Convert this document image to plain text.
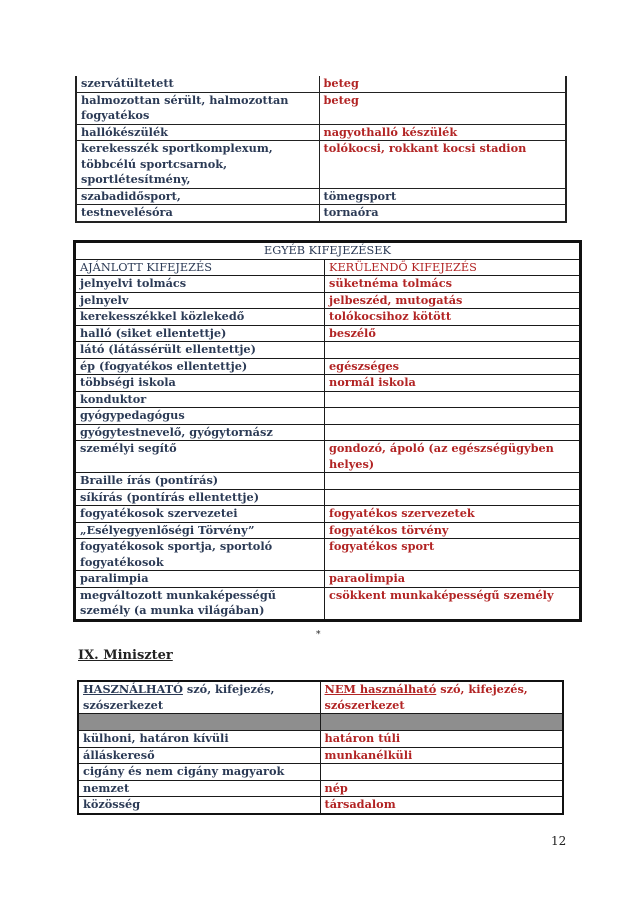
szervátültetett	beteg
halmozottan sérült, halmozottan fogyatékos	beteg
hallókészülék	nagyothalló készülék
kerekesszék sportkomplexum, többcélú sportcsarnok, sportlétesítmény,	tolókocsi, rokkant kocsi stadion
szabadidősport,	tömegsport
testnevelésóra	tornaóra
EGYÉB KIFEJEZÉSEK	
AJÁNLOTT KIFEJEZÉS	KERÜLENDŐ KIFEJEZÉS
jelnyelvi tolmács	süketnéma tolmács
jelnyelv	jelbeszéd, mutogatás
kerekesszékkel közlekedő	tolókocsihoz kötött
halló (siket ellentettje)	beszélő
látó (látássérült ellentettje)	
ép (fogyatékos ellentettje)	egészséges
többségi iskola	normál iskola
konduktor	
gyógypedagógus	
gyógytestnevelő, gyógytornász	
személyi segítő	gondozó, ápoló (az egészségügyben helyes)
Braille írás (pontírás)	
síkírás (pontírás ellentettje)	
fogyatékosok szervezetei	fogyatékos szervezetek
„Esélyegyenlőségi Törvény”	fogyatékos törvény
fogyatékosok sportja, sportoló fogyatékosok	fogyatékos sport
paralimpia	paraolimpia
megváltozott munkaképességű személy (a munka világában)	csökkent munkaképességű személy
*
IX. Miniszter
HASZNÁLHATÓ szó, kifejezés, szószerkezet	NEM használható szó, kifejezés, szószerkezet

külhoni, határon kívüli	határon túli
álláskereső	munkanélküli
cigány és nem cigány magyarok	
nemzet	nép
közösség	társadalom
12
